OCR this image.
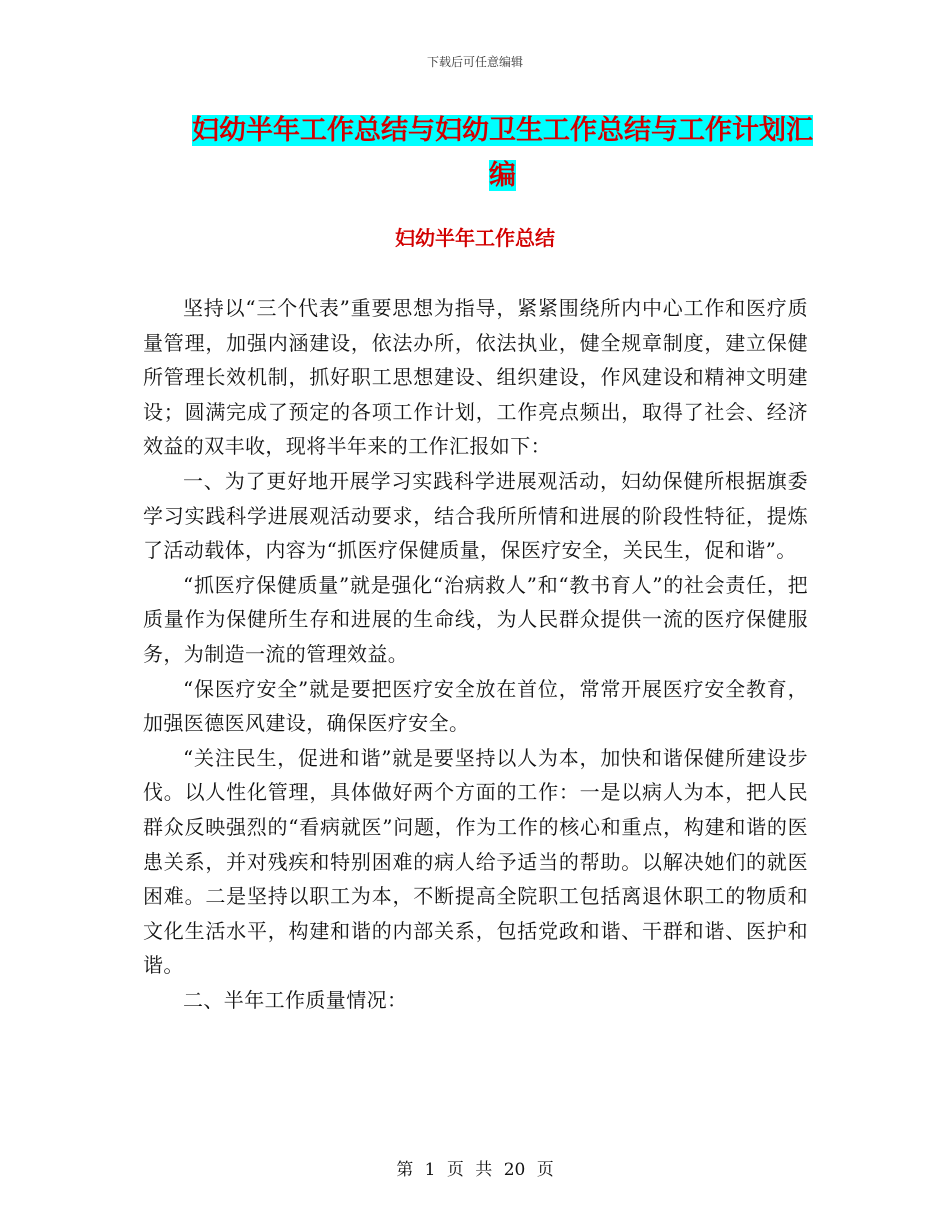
下载后可任意编辑
妇幼半年工作总结与妇幼卫生工作总结与工作计划汇编
妇幼半年工作总结

坚持以“三个代表”重要思想为指导，紧紧围绕所内中心工作和医疗质量管理，加强内涵建设，依法办所，依法执业，健全规章制度，建立保健所管理长效机制，抓好职工思想建设、组织建设，作风建设和精神文明建设；圆满完成了预定的各项工作计划，工作亮点频出，取得了社会、经济效益的双丰收，现将半年来的工作汇报如下：

一、为了更好地开展学习实践科学进展观活动，妇幼保健所根据旗委学习实践科学进展观活动要求，结合我所所情和进展的阶段性特征，提炼了活动载体，内容为“抓医疗保健质量，保医疗安全，关民生，促和谐”。

“抓医疗保健质量”就是强化“治病救人”和“教书育人”的社会责任，把质量作为保健所生存和进展的生命线，为人民群众提供一流的医疗保健服务，为制造一流的管理效益。

“保医疗安全”就是要把医疗安全放在首位，常常开展医疗安全教育，加强医德医风建设，确保医疗安全。

“关注民生，促进和谐”就是要坚持以人为本，加快和谐保健所建设步伐。以人性化管理，具体做好两个方面的工作：一是以病人为本，把人民群众反映强烈的“看病就医”问题，作为工作的核心和重点，构建和谐的医患关系，并对残疾和特别困难的病人给予适当的帮助。以解决她们的就医困难。二是坚持以职工为本，不断提高全院职工包括离退休职工的物质和文化生活水平，构建和谐的内部关系，包括党政和谐、干群和谐、医护和谐。

二、半年工作质量情况：

第 1 页 共 20 页
